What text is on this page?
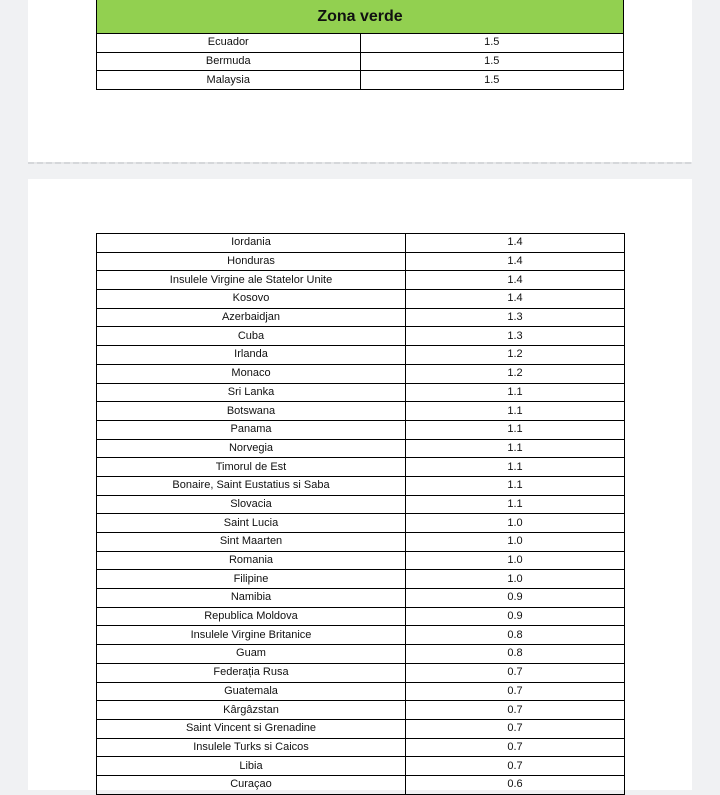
Zona verde	
Ecuador	1.5
Bermuda	1.5
Malaysia	1.5
Iordania	1.4
Honduras	1.4
Insulele Virgine ale Statelor Unite	1.4
Kosovo	1.4
Azerbaidjan	1.3
Cuba	1.3
Irlanda	1.2
Monaco	1.2
Sri Lanka	1.1
Botswana	1.1
Panama	1.1
Norvegia	1.1
Timorul de Est	1.1
Bonaire, Saint Eustatius si Saba	1.1
Slovacia	1.1
Saint Lucia	1.0
Sint Maarten	1.0
Romania	1.0
Filipine	1.0
Namibia	0.9
Republica Moldova	0.9
Insulele Virgine Britanice	0.8
Guam	0.8
Federația Rusa	0.7
Guatemala	0.7
Kârgâzstan	0.7
Saint Vincent si Grenadine	0.7
Insulele Turks si Caicos	0.7
Libia	0.7
Curaçao	0.6
